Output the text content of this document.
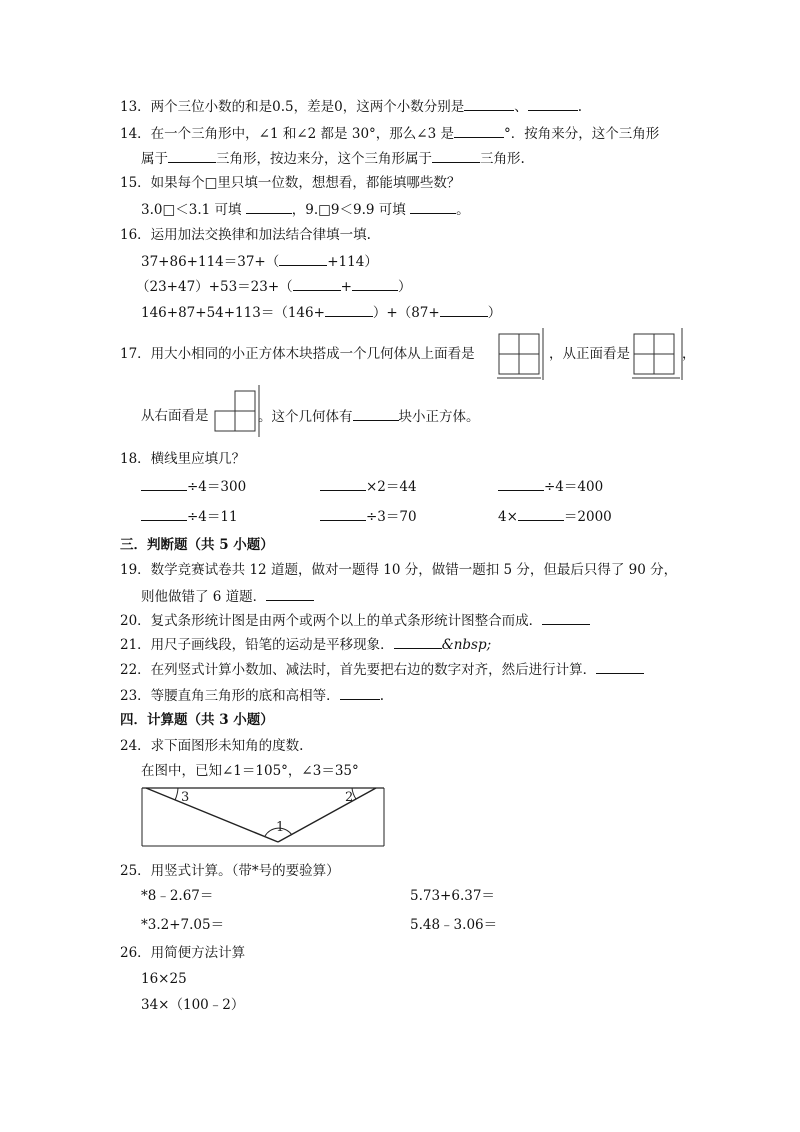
13．两个三位小数的和是0.5，差是0，这两个小数分别是	、	.
14．在一个三角形中，∠1 和∠2 都是 30°，那么∠3 是	°．按角来分，这个三角形
属于	三角形，按边来分，这个三角形属于	三角形.
15．如果每个□里只填一位数，想想看，都能填哪些数？
3.0□＜3.1 可填	，9.□9＜9.9 可填	。
16．运用加法交换律和加法结合律填一填.
37+86+114＝37+（	+114）
（23+47）+53＝23+（	+	）
146+87+54+113＝（146+	）+（87+	）
17．用大小相同的小正方体木块搭成一个几何体从上面看是	，从正面看是	，
从右面看是	。这个几何体有	块小正方体。
18．横线里应填几？
÷4＝300	×2＝44	÷4＝400
÷4＝11	÷3＝70	4×	＝2000
三．判断题（共 5 小题）
19．数学竞赛试卷共 12 道题，做对一题得 10 分，做错一题扣 5 分，但最后只得了 90 分，
则他做错了 6 道题．
20．复式条形统计图是由两个或两个以上的单式条形统计图整合而成．
21．用尺子画线段，铅笔的运动是平移现象．	&nbsp;
22．在列竖式计算小数加、减法时，首先要把右边的数字对齐，然后进行计算．
23．等腰直角三角形的底和高相等．	.
四．计算题（共 3 小题）
24．求下面图形未知角的度数.
在图中，已知∠1＝105°，∠3＝35°
3	2
1
25．用竖式计算。（带*号的要验算）
*8﹣2.67＝	5.73+6.37＝
*3.2+7.05＝	5.48﹣3.06＝
26．用简便方法计算
16×25
34×（100﹣2）
